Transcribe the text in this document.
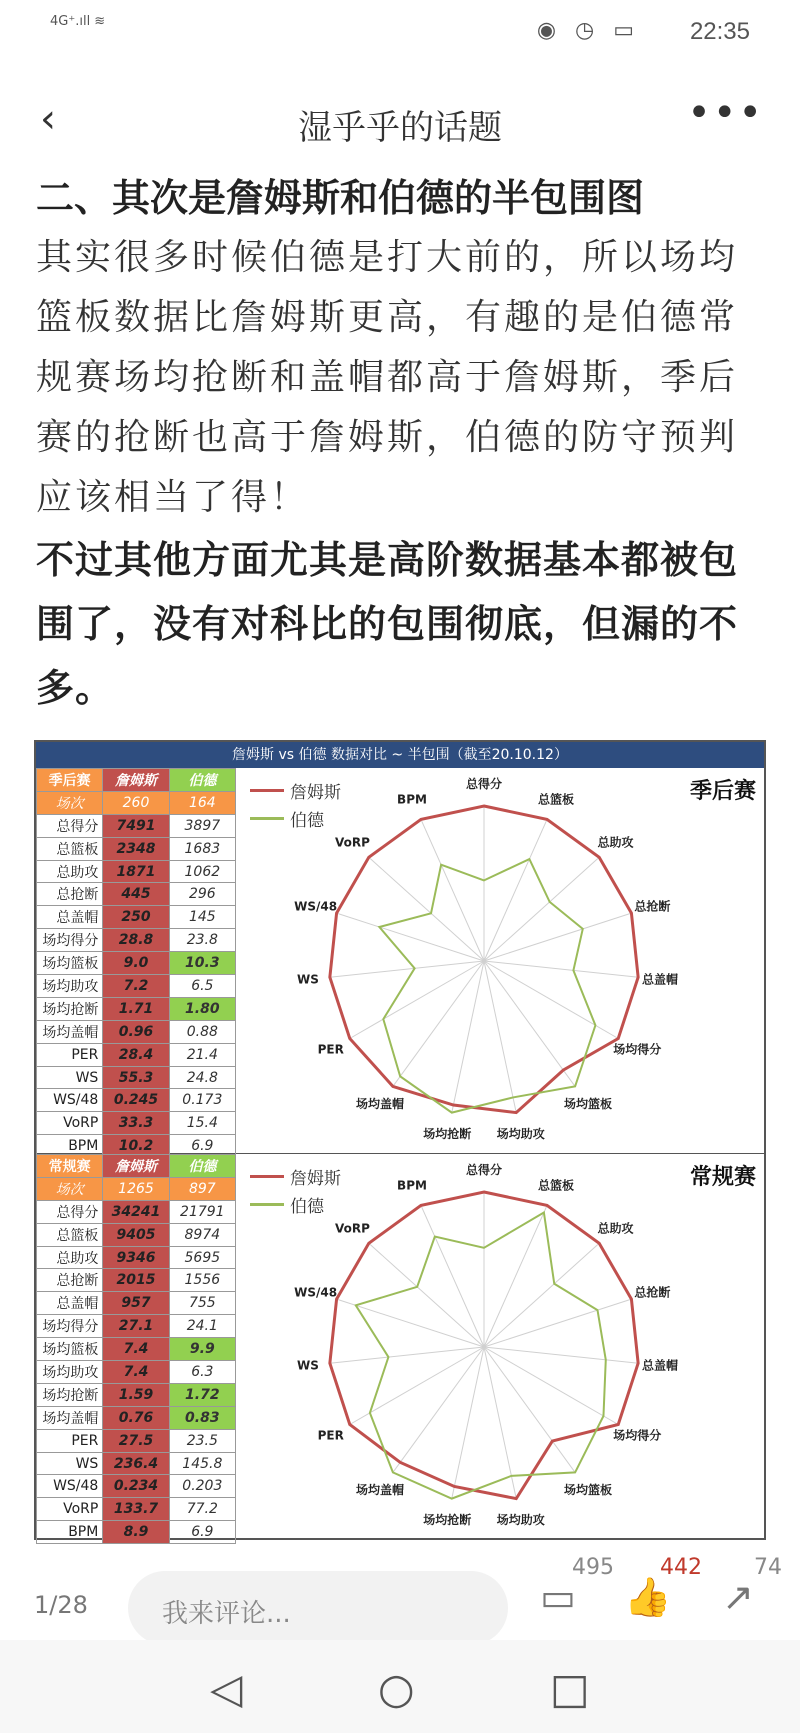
4G⁺.ıll ≋	◉ ◷ ▭ 22:35
‹	湿乎乎的话题	•••
二、其次是詹姆斯和伯德的半包围图
其实很多时候伯德是打大前的，所以场均篮板数据比詹姆斯更高，有趣的是伯德常规赛场均抢断和盖帽都高于詹姆斯，季后赛的抢断也高于詹姆斯，伯德的防守预判应该相当了得！
不过其他方面尤其是高阶数据基本都被包围了，没有对科比的包围彻底，但漏的不多。
詹姆斯 vs 伯德 数据对比 ~ 半包围（截至20.10.12）
季后赛	詹姆斯	伯德
场次	260	164
总得分	7491	3897
总篮板	2348	1683
总助攻	1871	1062
总抢断	445	296
总盖帽	250	145
场均得分	28.8	23.8
场均篮板	9.0	10.3
场均助攻	7.2	6.5
场均抢断	1.71	1.80
场均盖帽	0.96	0.88
PER	28.4	21.4
WS	55.3	24.8
WS/48	0.245	0.173
VoRP	33.3	15.4
BPM	10.2	6.9
总得分
总篮板
总助攻
总抢断
总盖帽
场均得分
场均篮板
场均助攻
场均抢断
场均盖帽
PER
WS
WS/48
VoRP
BPM
詹姆斯
伯德
季后赛
常规赛	詹姆斯	伯德
场次	1265	897
总得分	34241	21791
总篮板	9405	8974
总助攻	9346	5695
总抢断	2015	1556
总盖帽	957	755
场均得分	27.1	24.1
场均篮板	7.4	9.9
场均助攻	7.4	6.3
场均抢断	1.59	1.72
场均盖帽	0.76	0.83
PER	27.5	23.5
WS	236.4	145.8
WS/48	0.234	0.203
VoRP	133.7	77.2
BPM	8.9	6.9
总得分
总篮板
总助攻
总抢断
总盖帽
场均得分
场均篮板
场均助攻
场均抢断
场均盖帽
PER
WS
WS/48
VoRP
BPM
詹姆斯
伯德
常规赛
1/28	我来评论...
495
▭
442
👍
74
↗
◁	○	□
